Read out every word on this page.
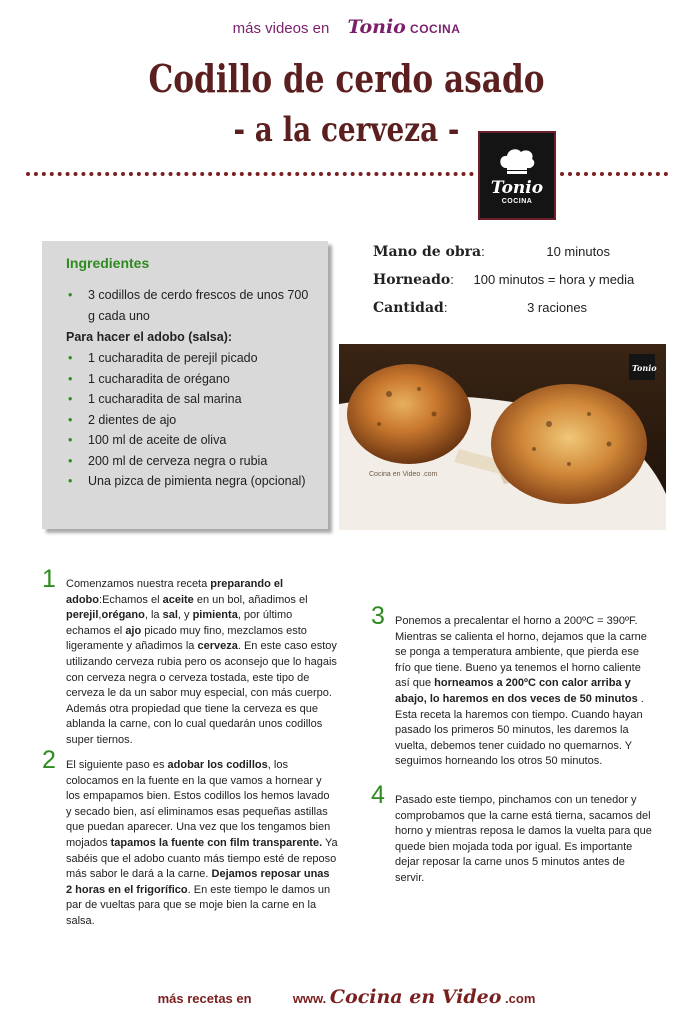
más videos en Tonio COCINA
Codillo de cerdo asado
- a la cerveza -
Tonio
COCINA
Ingredientes
• 3 codillos de cerdo frescos de unos 700 g cada uno
Para hacer el adobo (salsa):
• 1 cucharadita de perejil picado
• 1 cucharadita de orégano
• 1 cucharadita de sal marina
• 2 dientes de ajo
• 100 ml de aceite de oliva
• 200 ml de cerveza negra o rubia
• Una pizca de pimienta negra (opcional)
Mano de obra:	10 minutos
Horneado: 100 minutos = hora y media
Cantidad:	3 raciones
Cocina en Video .com
Tonio
1 Comenzamos nuestra receta preparando el adobo:Echamos el aceite en un bol, añadimos el perejil,orégano, la sal, y pimienta, por último echamos el ajo picado muy fino, mezclamos esto ligeramente y añadimos la cerveza. En este caso estoy utilizando cerveza rubia pero os aconsejo que lo hagais con cerveza negra o cerveza tostada, este tipo de cerveza le da un sabor muy especial, con más cuerpo. Además otra propiedad que tiene la cerveza es que ablanda la carne, con lo cual quedarán unos codillos super tiernos.
2 El siguiente paso es adobar los codillos, los colocamos en la fuente en la que vamos a hornear y los empapamos bien. Estos codillos los hemos lavado y secado bien, así eliminamos esas pequeñas astillas que puedan aparecer. Una vez que los tengamos bien mojados tapamos la fuente con film transparente. Ya sabéis que el adobo cuanto más tiempo esté de reposo más sabor le dará a la carne. Dejamos reposar unas 2 horas en el frigorífico. En este tiempo le damos un par de vueltas para que se moje bien la carne en la salsa.
3 Ponemos a precalentar el horno a 200ºC = 390ºF. Mientras se calienta el horno, dejamos que la carne se ponga a temperatura ambiente, que pierda ese frío que tiene. Bueno ya tenemos el horno caliente así que horneamos a 200ºC con calor arriba y abajo, lo haremos en dos veces de 50 minutos . Esta receta la haremos con tiempo. Cuando hayan pasado los primeros 50 minutos, les daremos la vuelta, debemos tener cuidado no quemarnos. Y seguimos horneando los otros 50 minutos.
4 Pasado este tiempo, pinchamos con un tenedor y comprobamos que la carne está tierna, sacamos del horno y mientras reposa le damos la vuelta para que quede bien mojada toda por igual. Es importante dejar reposar la carne unos 5 minutos antes de servir.
más recetas en	www. Cocina en Video .com
